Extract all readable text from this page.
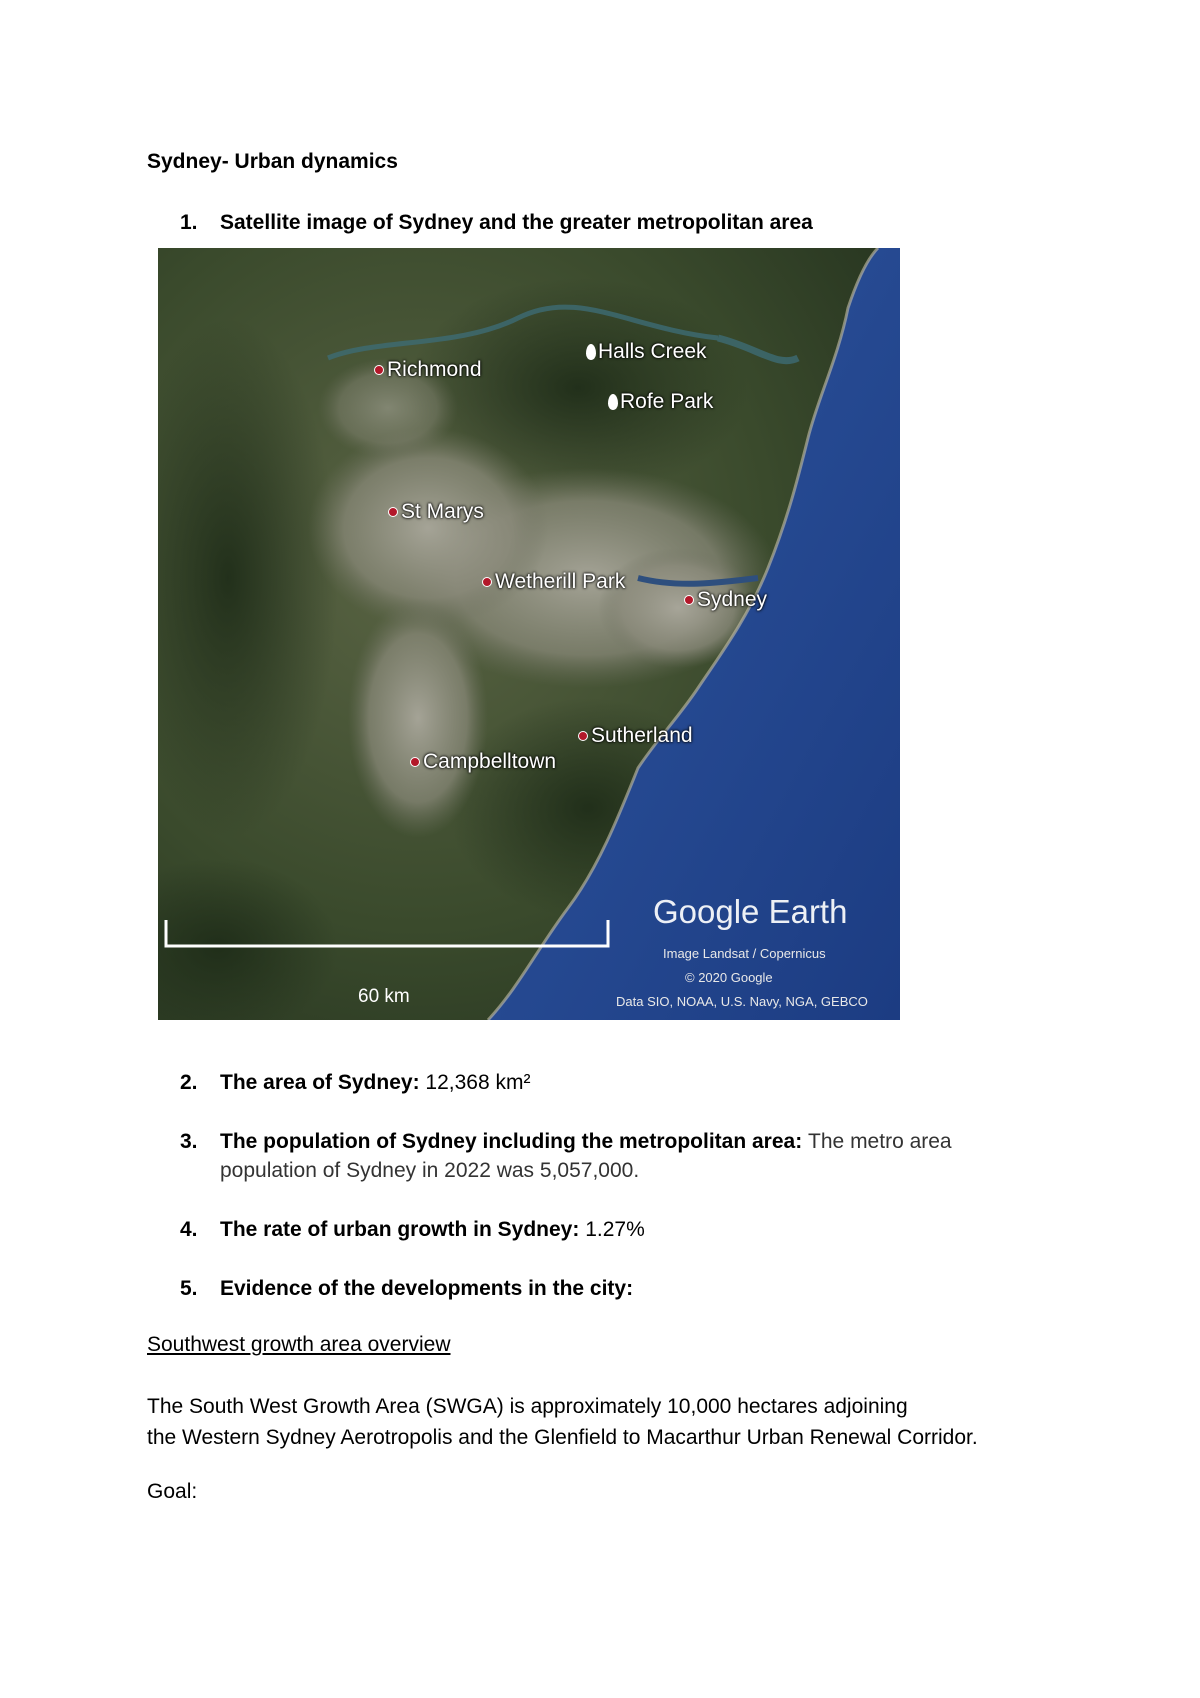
Sydney- Urban dynamics
1.	Satellite image of Sydney and the greater metropolitan area
Richmond
Halls Creek
Rofe Park
St Marys
Wetherill Park
Sydney
Sutherland
Campbelltown
Google Earth
Image Landsat / Copernicus
© 2020 Google
Data SIO, NOAA, U.S. Navy, NGA, GEBCO
60 km
2.	The area of Sydney: 12,368 km²
3.	The population of Sydney including the metropolitan area: The metro area population of Sydney in 2022 was 5,057,000.
4.	The rate of urban growth in Sydney: 1.27%
5.	Evidence of the developments in the city:
Southwest growth area overview
The South West Growth Area (SWGA) is approximately 10,000 hectares adjoining
the Western Sydney Aerotropolis and the Glenfield to Macarthur Urban Renewal Corridor.
Goal:
